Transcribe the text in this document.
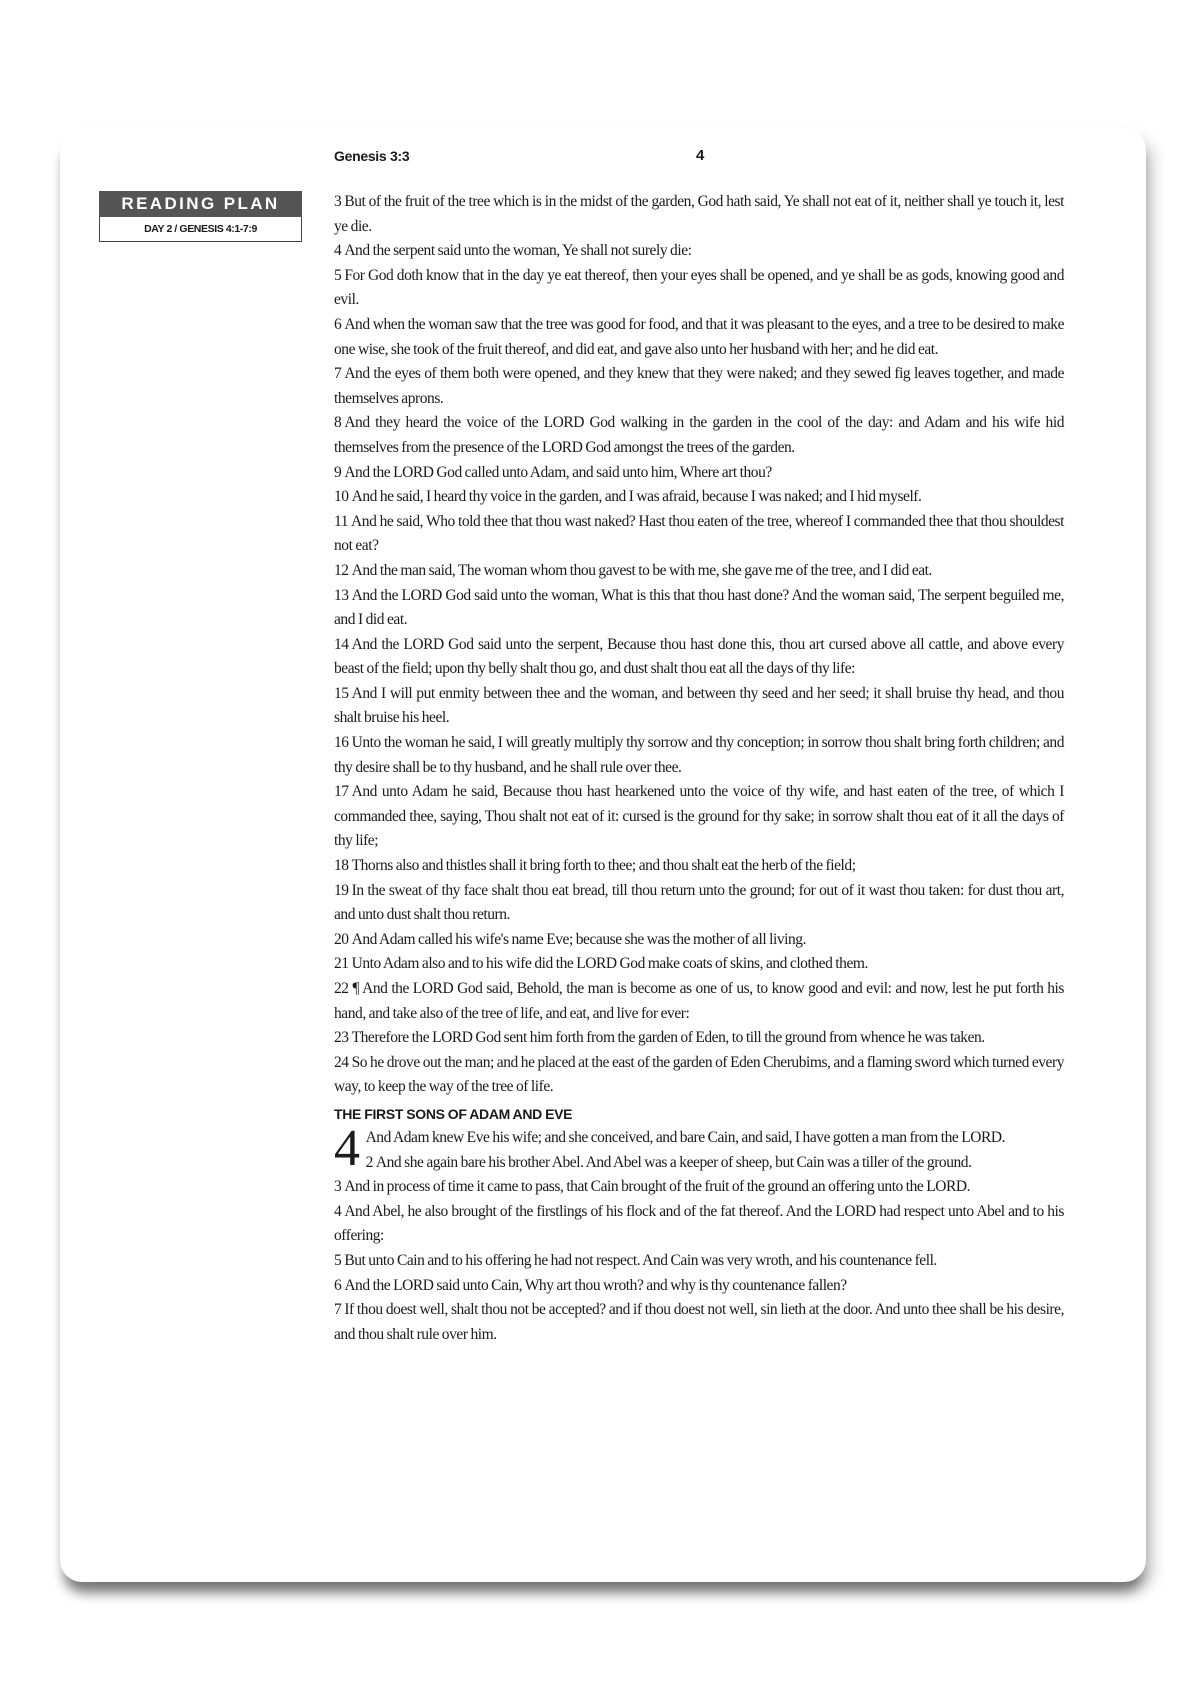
Genesis 3:3	4
READING PLAN
DAY 2 / GENESIS 4:1-7:9

3 But of the fruit of the tree which is in the midst of the garden, God hath said, Ye shall not eat of it, neither shall ye touch it, lest ye die.

4 And the serpent said unto the woman, Ye shall not surely die:

5 For God doth know that in the day ye eat thereof, then your eyes shall be opened, and ye shall be as gods, knowing good and evil.

6 And when the woman saw that the tree was good for food, and that it was pleasant to the eyes, and a tree to be desired to make one wise, she took of the fruit thereof, and did eat, and gave also unto her husband with her; and he did eat.

7 And the eyes of them both were opened, and they knew that they were naked; and they sewed fig leaves together, and made themselves aprons.

8 And they heard the voice of the LORD God walking in the garden in the cool of the day: and Adam and his wife hid themselves from the presence of the LORD God amongst the trees of the garden.

9 And the LORD God called unto Adam, and said unto him, Where art thou?

10 And he said, I heard thy voice in the garden, and I was afraid, because I was naked; and I hid myself.

11 And he said, Who told thee that thou wast naked? Hast thou eaten of the tree, whereof I commanded thee that thou shouldest not eat?

12 And the man said, The woman whom thou gavest to be with me, she gave me of the tree, and I did eat.

13 And the LORD God said unto the woman, What is this that thou hast done? And the woman said, The serpent beguiled me, and I did eat.

14 And the LORD God said unto the serpent, Because thou hast done this, thou art cursed above all cattle, and above every beast of the field; upon thy belly shalt thou go, and dust shalt thou eat all the days of thy life:

15 And I will put enmity between thee and the woman, and between thy seed and her seed; it shall bruise thy head, and thou shalt bruise his heel.

16 Unto the woman he said, I will greatly multiply thy sorrow and thy conception; in sorrow thou shalt bring forth children; and thy desire shall be to thy husband, and he shall rule over thee.

17 And unto Adam he said, Because thou hast hearkened unto the voice of thy wife, and hast eaten of the tree, of which I commanded thee, saying, Thou shalt not eat of it: cursed is the ground for thy sake; in sorrow shalt thou eat of it all the days of thy life;

18 Thorns also and thistles shall it bring forth to thee; and thou shalt eat the herb of the field;

19 In the sweat of thy face shalt thou eat bread, till thou return unto the ground; for out of it wast thou taken: for dust thou art, and unto dust shalt thou return.

20 And Adam called his wife's name Eve; because she was the mother of all living.

21 Unto Adam also and to his wife did the LORD God make coats of skins, and clothed them.

22 ¶ And the LORD God said, Behold, the man is become as one of us, to know good and evil: and now, lest he put forth his hand, and take also of the tree of life, and eat, and live for ever:

23 Therefore the LORD God sent him forth from the garden of Eden, to till the ground from whence he was taken.

24 So he drove out the man; and he placed at the east of the garden of Eden Cherubims, and a flaming sword which turned every way, to keep the way of the tree of life.

THE FIRST SONS OF ADAM AND EVE

4 And Adam knew Eve his wife; and she conceived, and bare Cain, and said, I have gotten a man from the LORD.

2 And she again bare his brother Abel. And Abel was a keeper of sheep, but Cain was a tiller of the ground.

3 And in process of time it came to pass, that Cain brought of the fruit of the ground an offering unto the LORD.

4 And Abel, he also brought of the firstlings of his flock and of the fat thereof. And the LORD had respect unto Abel and to his offering:

5 But unto Cain and to his offering he had not respect. And Cain was very wroth, and his countenance fell.

6 And the LORD said unto Cain, Why art thou wroth? and why is thy countenance fallen?

7 If thou doest well, shalt thou not be accepted? and if thou doest not well, sin lieth at the door. And unto thee shall be his desire, and thou shalt rule over him.
